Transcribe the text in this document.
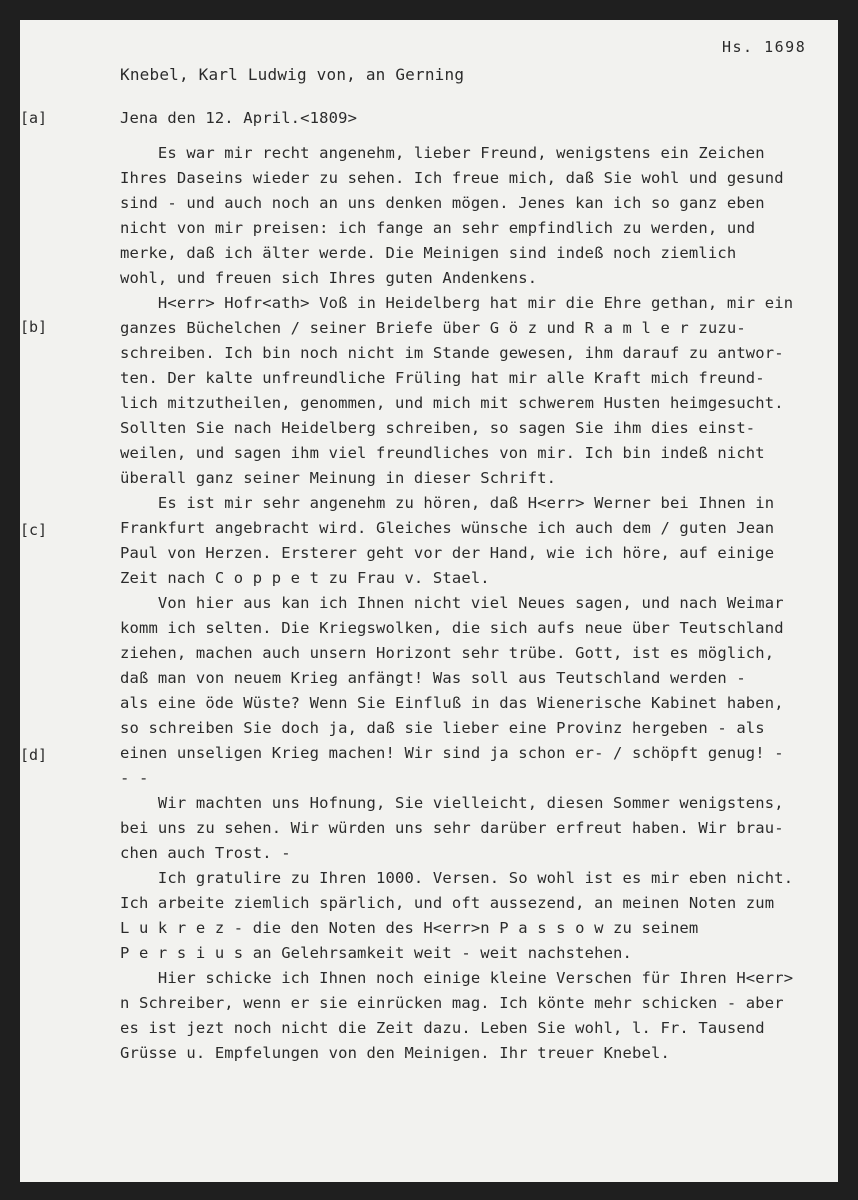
Hs. 1698
Knebel, Karl Ludwig von, an Gerning
[a]
[b]
[c]
[d]
Jena den 12. April.<1809>
Es war mir recht angenehm, lieber Freund, wenigstens ein Zeichen
Ihres Daseins wieder zu sehen. Ich freue mich, daß Sie wohl und gesund
sind - und auch noch an uns denken mögen. Jenes kan ich so ganz eben
nicht von mir preisen: ich fange an sehr empfindlich zu werden, und
merke, daß ich älter werde. Die Meinigen sind indeß noch ziemlich
wohl, und freuen sich Ihres guten Andenkens.
H<err> Hofr<ath> Voß in Heidelberg hat mir die Ehre gethan, mir ein
ganzes Büchelchen / seiner Briefe über G ö z und R a m l e r zuzu-
schreiben. Ich bin noch nicht im Stande gewesen, ihm darauf zu antwor-
ten. Der kalte unfreundliche Früling hat mir alle Kraft mich freund-
lich mitzutheilen, genommen, und mich mit schwerem Husten heimgesucht.
Sollten Sie nach Heidelberg schreiben, so sagen Sie ihm dies einst-
weilen, und sagen ihm viel freundliches von mir. Ich bin indeß nicht
überall ganz seiner Meinung in dieser Schrift.
Es ist mir sehr angenehm zu hören, daß H<err> Werner bei Ihnen in
Frankfurt angebracht wird. Gleiches wünsche ich auch dem / guten Jean
Paul von Herzen. Ersterer geht vor der Hand, wie ich höre, auf einige
Zeit nach C o p p e t zu Frau v. Stael.
Von hier aus kan ich Ihnen nicht viel Neues sagen, und nach Weimar
komm ich selten. Die Kriegswolken, die sich aufs neue über Teutschland
ziehen, machen auch unsern Horizont sehr trübe. Gott, ist es möglich,
daß man von neuem Krieg anfängt! Was soll aus Teutschland werden -
als eine öde Wüste? Wenn Sie Einfluß in das Wienerische Kabinet haben,
so schreiben Sie doch ja, daß sie lieber eine Provinz hergeben - als
einen unseligen Krieg machen! Wir sind ja schon er- / schöpft genug! -
- -
Wir machten uns Hofnung, Sie vielleicht, diesen Sommer wenigstens,
bei uns zu sehen. Wir würden uns sehr darüber erfreut haben. Wir brau-
chen auch Trost. -
Ich gratulire zu Ihren 1000. Versen. So wohl ist es mir eben nicht.
Ich arbeite ziemlich spärlich, und oft aussezend, an meinen Noten zum
L u k r e z - die den Noten des H<err>n P a s s o w zu seinem
P e r s i u s an Gelehrsamkeit weit - weit nachstehen.
Hier schicke ich Ihnen noch einige kleine Verschen für Ihren H<err>
n Schreiber, wenn er sie einrücken mag. Ich könte mehr schicken - aber
es ist jezt noch nicht die Zeit dazu. Leben Sie wohl, l. Fr. Tausend
Grüsse u. Empfelungen von den Meinigen. Ihr treuer Knebel.
